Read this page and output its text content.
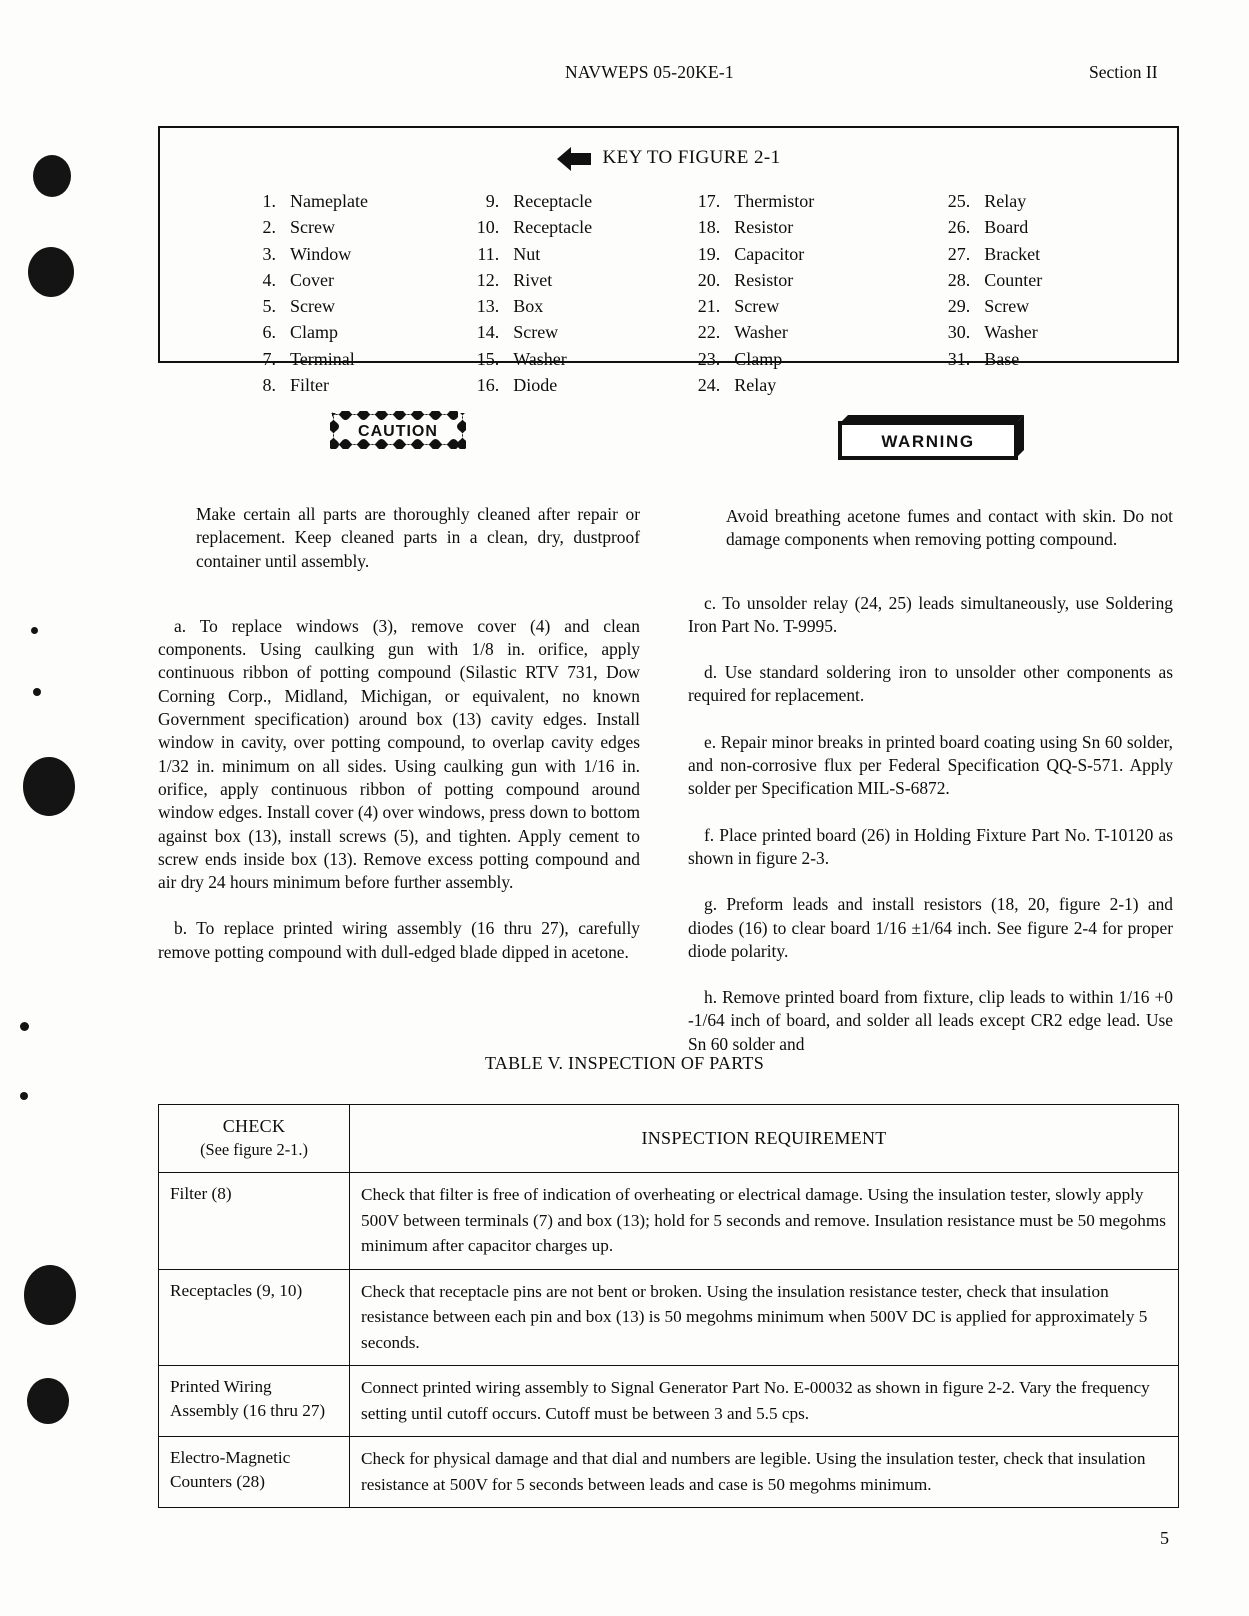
NAVWEPS 05-20KE-1	Section II
KEY TO FIGURE 2-1
1. Nameplate
2. Screw
3. Window
4. Cover
5. Screw
6. Clamp
7. Terminal
8. Filter
9. Receptacle
10. Receptacle
11. Nut
12. Rivet
13. Box
14. Screw
15. Washer
16. Diode
17. Thermistor
18. Resistor
19. Capacitor
20. Resistor
21. Screw
22. Washer
23. Clamp
24. Relay
25. Relay
26. Board
27. Bracket
28. Counter
29. Screw
30. Washer
31. Base
CAUTION
WARNING

Make certain all parts are thoroughly cleaned after repair or replacement. Keep cleaned parts in a clean, dry, dustproof container until assembly.

a. To replace windows (3), remove cover (4) and clean components. Using caulking gun with 1/8 in. orifice, apply continuous ribbon of potting compound (Silastic RTV 731, Dow Corning Corp., Midland, Michigan, or equivalent, no known Government specification) around box (13) cavity edges. Install window in cavity, over potting compound, to overlap cavity edges 1/32 in. minimum on all sides. Using caulking gun with 1/16 in. orifice, apply continuous ribbon of potting compound around window edges. Install cover (4) over windows, press down to bottom against box (13), install screws (5), and tighten. Apply cement to screw ends inside box (13). Remove excess potting compound and air dry 24 hours minimum before further assembly.

b. To replace printed wiring assembly (16 thru 27), carefully remove potting compound with dull-edged blade dipped in acetone.

Avoid breathing acetone fumes and contact with skin. Do not damage components when removing potting compound.

c. To unsolder relay (24, 25) leads simultaneously, use Soldering Iron Part No. T-9995.

d. Use standard soldering iron to unsolder other components as required for replacement.

e. Repair minor breaks in printed board coating using Sn 60 solder, and non-corrosive flux per Federal Specification QQ-S-571. Apply solder per Specification MIL-S-6872.

f. Place printed board (26) in Holding Fixture Part No. T-10120 as shown in figure 2-3.

g. Preform leads and install resistors (18, 20, figure 2-1) and diodes (16) to clear board 1/16 ±1/64 inch. See figure 2-4 for proper diode polarity.

h. Remove printed board from fixture, clip leads to within 1/16 +0 -1/64 inch of board, and solder all leads except CR2 edge lead. Use Sn 60 solder and

TABLE V. INSPECTION OF PARTS
CHECK
(See figure 2-1.)	INSPECTION REQUIREMENT
Filter (8)	Check that filter is free of indication of overheating or electrical damage. Using the insulation tester, slowly apply 500V between terminals (7) and box (13); hold for 5 seconds and remove. Insulation resistance must be 50 megohms minimum after capacitor charges up.
Receptacles (9, 10)	Check that receptacle pins are not bent or broken. Using the insulation resistance tester, check that insulation resistance between each pin and box (13) is 50 megohms minimum when 500V DC is applied for approximately 5 seconds.
Printed Wiring Assembly (16 thru 27)	Connect printed wiring assembly to Signal Generator Part No. E-00032 as shown in figure 2-2. Vary the frequency setting until cutoff occurs. Cutoff must be between 3 and 5.5 cps.
Electro-Magnetic Counters (28)	Check for physical damage and that dial and numbers are legible. Using the insulation tester, check that insulation resistance at 500V for 5 seconds between leads and case is 50 megohms minimum.
5
